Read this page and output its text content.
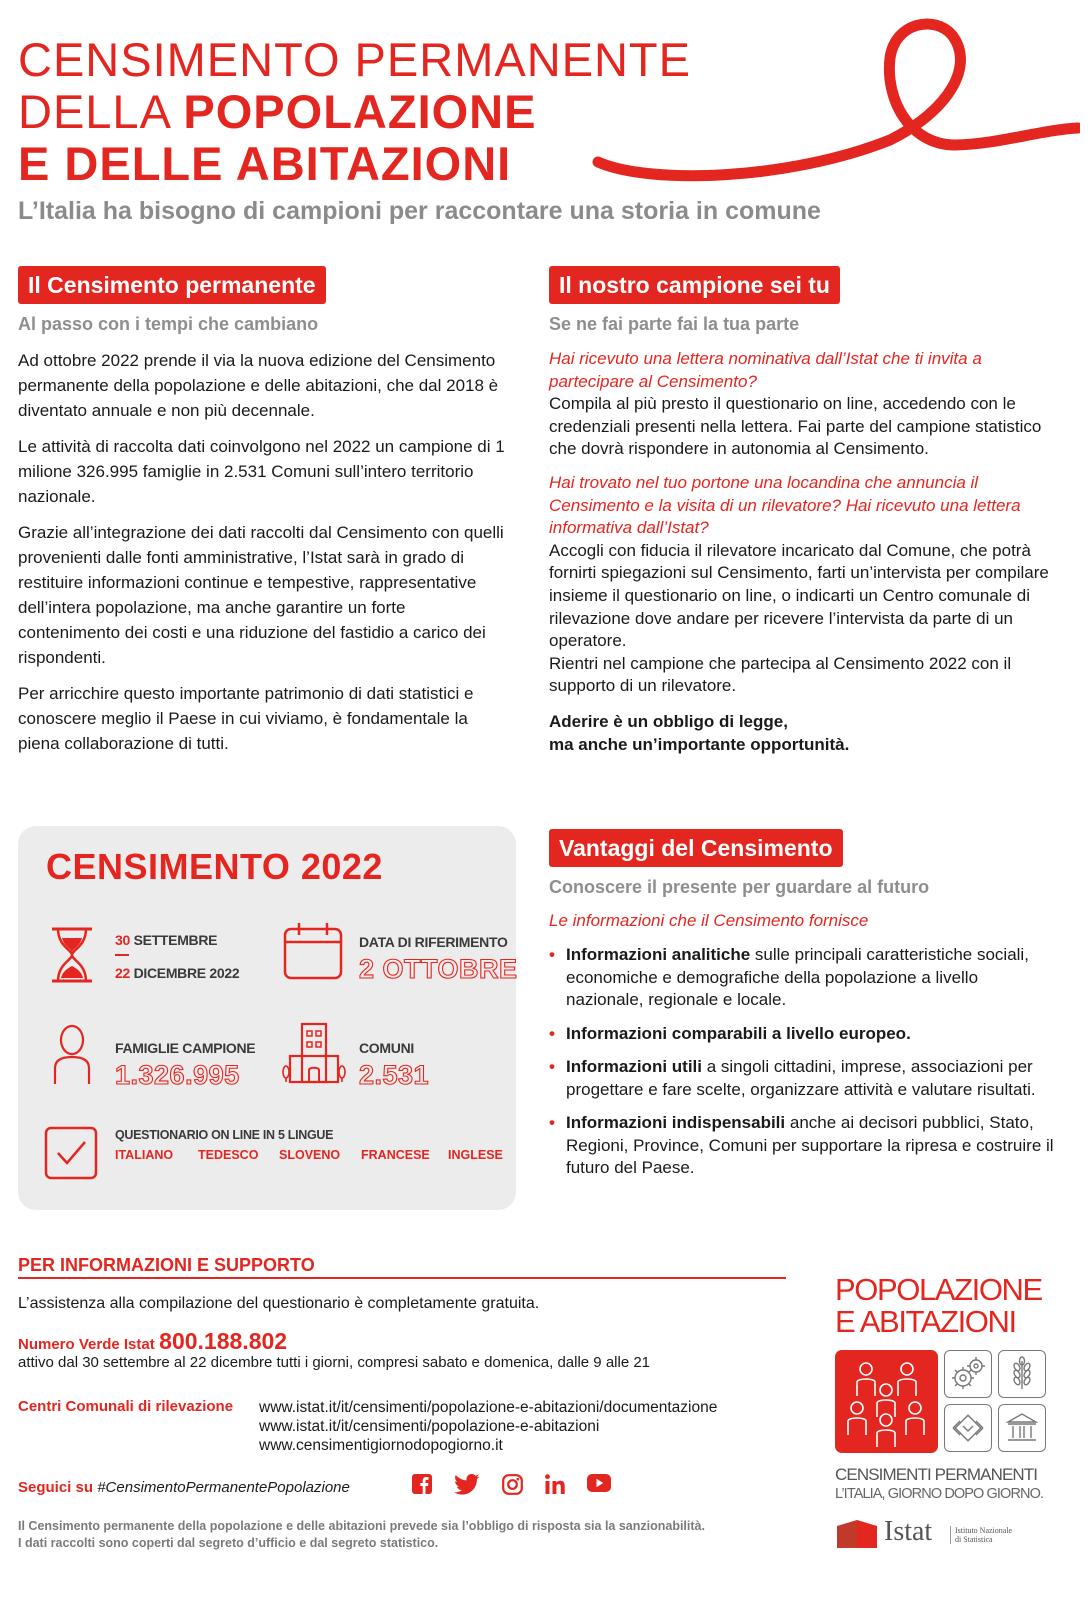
CENSIMENTO PERMANENTE
DELLA POPOLAZIONE
E DELLE ABITAZIONI
L’Italia ha bisogno di campioni per raccontare una storia in comune
Il Censimento permanente
Al passo con i tempi che cambiano

Ad ottobre 2022 prende il via la nuova edizione del Censimento permanente della popolazione e delle abitazioni, che dal 2018 è diventato annuale e non più decennale.

Le attività di raccolta dati coinvolgono nel 2022 un campione di 1 milione 326.995 famiglie in 2.531 Comuni sull’intero territorio nazionale.

Grazie all’integrazione dei dati raccolti dal Censimento con quelli provenienti dalle fonti amministrative, l’Istat sarà in grado di restituire informazioni continue e tempestive, rappresentative dell’intera popolazione, ma anche garantire un forte contenimento dei costi e una riduzione del fastidio a carico dei rispondenti.

Per arricchire questo importante patrimonio di dati statistici e conoscere meglio il Paese in cui viviamo, è fondamentale la piena collaborazione di tutti.

Il nostro campione sei tu
Se ne fai parte fai la tua parte
Hai ricevuto una lettera nominativa dall’Istat che ti invita a partecipare al Censimento?
Compila al più presto il questionario on line, accedendo con le credenziali presenti nella lettera. Fai parte del campione statistico che dovrà rispondere in autonomia al Censimento.
Hai trovato nel tuo portone una locandina che annuncia il Censimento e la visita di un rilevatore? Hai ricevuto una lettera informativa dall’Istat?
Accogli con fiducia il rilevatore incaricato dal Comune, che potrà fornirti spiegazioni sul Censimento, farti un’intervista per compilare insieme il questionario on line, o indicarti un Centro comunale di rilevazione dove andare per ricevere l’intervista da parte di un operatore.
Rientri nel campione che partecipa al Censimento 2022 con il supporto di un rilevatore.
Aderire è un obbligo di legge,
ma anche un’importante opportunità.
CENSIMENTO 2022
30 SETTEMBRE
22 DICEMBRE 2022
DATA DI RIFERIMENTO
2 OTTOBRE
FAMIGLIE CAMPIONE
1.326.995
COMUNI
2.531
QUESTIONARIO ON LINE IN 5 LINGUE
ITALIANO TEDESCO SLOVENO FRANCESE INGLESE
Vantaggi del Censimento
Conoscere il presente per guardare al futuro
Le informazioni che il Censimento fornisce
• Informazioni analitiche sulle principali caratteristiche sociali, economiche e demografiche della popolazione a livello nazionale, regionale e locale.
• Informazioni comparabili a livello europeo.
• Informazioni utili a singoli cittadini, imprese, associazioni per progettare e fare scelte, organizzare attività e valutare risultati.
• Informazioni indispensabili anche ai decisori pubblici, Stato, Regioni, Province, Comuni per supportare la ripresa e costruire il futuro del Paese.
PER INFORMAZIONI E SUPPORTO
L’assistenza alla compilazione del questionario è completamente gratuita.
Numero Verde Istat 800.188.802
attivo dal 30 settembre al 22 dicembre tutti i giorni, compresi sabato e domenica, dalle 9 alle 21
Centri Comunali di rilevazione www.istat.it/it/censimenti/popolazione-e-abitazioni/documentazione
www.istat.it/it/censimenti/popolazione-e-abitazioni
www.censimentigiornodopogiorno.it
Seguici su #CensimentoPermanentePopolazione
Il Censimento permanente della popolazione e delle abitazioni prevede sia l’obbligo di risposta sia la sanzionabilità.
I dati raccolti sono coperti dal segreto d’ufficio e dal segreto statistico.
POPOLAZIONE
E ABITAZIONI
CENSIMENTI PERMANENTI
L’ITALIA, GIORNO DOPO GIORNO.
Istat	Istituto Nazionale
di Statistica
